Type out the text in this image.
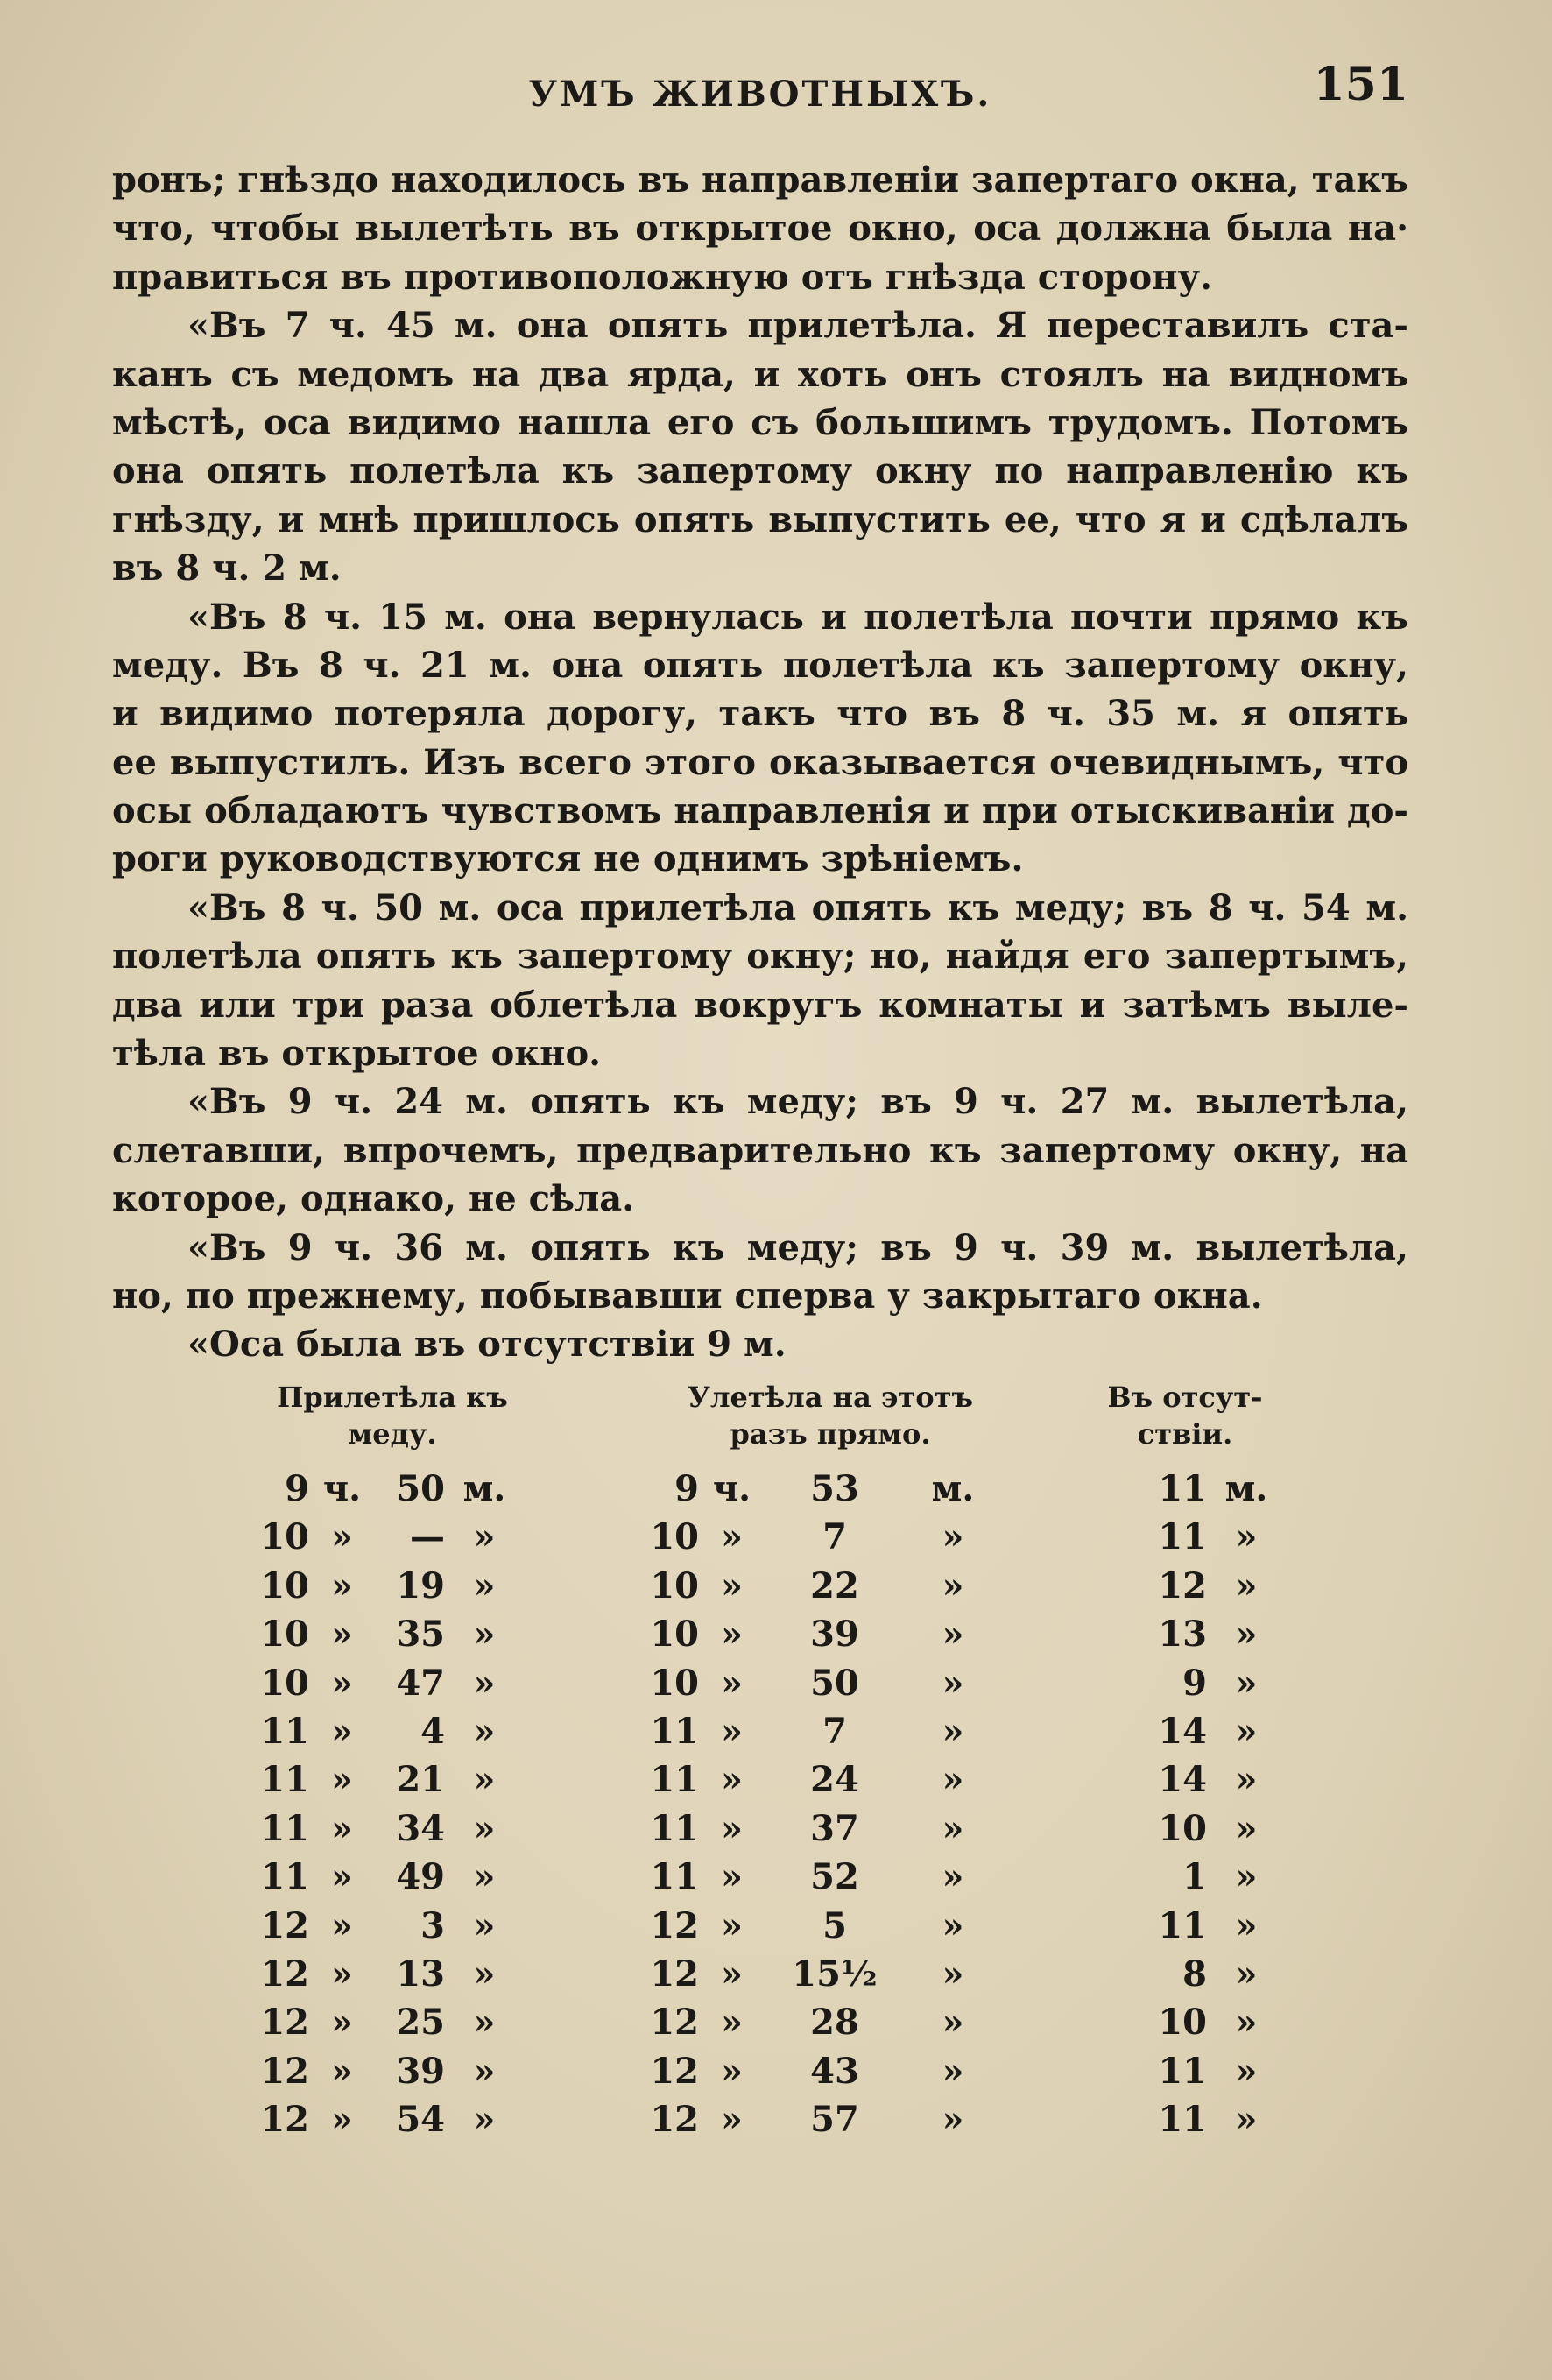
УМЪ ЖИВОТНЫХЪ.	151
ронъ; гнѣздо находилось въ направленіи запертаго окна, такъ
что, чтобы вылетѣть въ открытое окно, оса должна была на·
правиться въ противоположную отъ гнѣзда сторону.
«Въ 7 ч. 45 м. она опять прилетѣла. Я переставилъ ста-
канъ съ медомъ на два ярда, и хоть онъ стоялъ на видномъ
мѣстѣ, оса видимо нашла его съ большимъ трудомъ. Потомъ
она опять полетѣла къ запертому окну по направленію къ
гнѣзду, и мнѣ пришлось опять выпустить ее, что я и сдѣлалъ
въ 8 ч. 2 м.
«Въ 8 ч. 15 м. она вернулась и полетѣла почти прямо къ
меду. Въ 8 ч. 21 м. она опять полетѣла къ запертому окну,
и видимо потеряла дорогу, такъ что въ 8 ч. 35 м. я опять
ее выпустилъ. Изъ всего этого оказывается очевиднымъ, что
осы обладаютъ чувствомъ направленія и при отыскиваніи до-
роги руководствуются не однимъ зрѣніемъ.
«Въ 8 ч. 50 м. оса прилетѣла опять къ меду; въ 8 ч. 54 м.
полетѣла опять къ запертому окну; но, найдя его запертымъ,
два или три раза облетѣла вокругъ комнаты и затѣмъ выле-
тѣла въ открытое окно.
«Въ 9 ч. 24 м. опять къ меду; въ 9 ч. 27 м. вылетѣла,
слетавши, впрочемъ, предварительно къ запертому окну, на
которое, однако, не сѣла.
«Въ 9 ч. 36 м. опять къ меду; въ 9 ч. 39 м. вылетѣла,
но, по прежнему, побывавши сперва у закрытаго окна.
«Оса была въ отсутствіи 9 м.
Прилетѣла къ
меду.
Улетѣла на этотъ
разъ прямо.
Въ отсут-
ствіи.
9 ч.	50 м.	9 ч.	53	м.	11 м.
10 »	— »	10 »	7	»	11 »
10 »	19 »	10 »	22	»	12 »
10 »	35 »	10 »	39	»	13 »
10 »	47 »	10 »	50	»	9 »
11 »	4 »	11 »	7	»	14 »
11 »	21 »	11 »	24	»	14 »
11 »	34 »	11 »	37	»	10 »
11 »	49 »	11 »	52	»	1 »
12 »	3 »	12 »	5	»	11 »
12 »	13 »	12 »	15½	»	8 »
12 »	25 »	12 »	28	»	10 »
12 »	39 »	12 »	43	»	11 »
12 »	54 »	12 »	57	»	11 »
